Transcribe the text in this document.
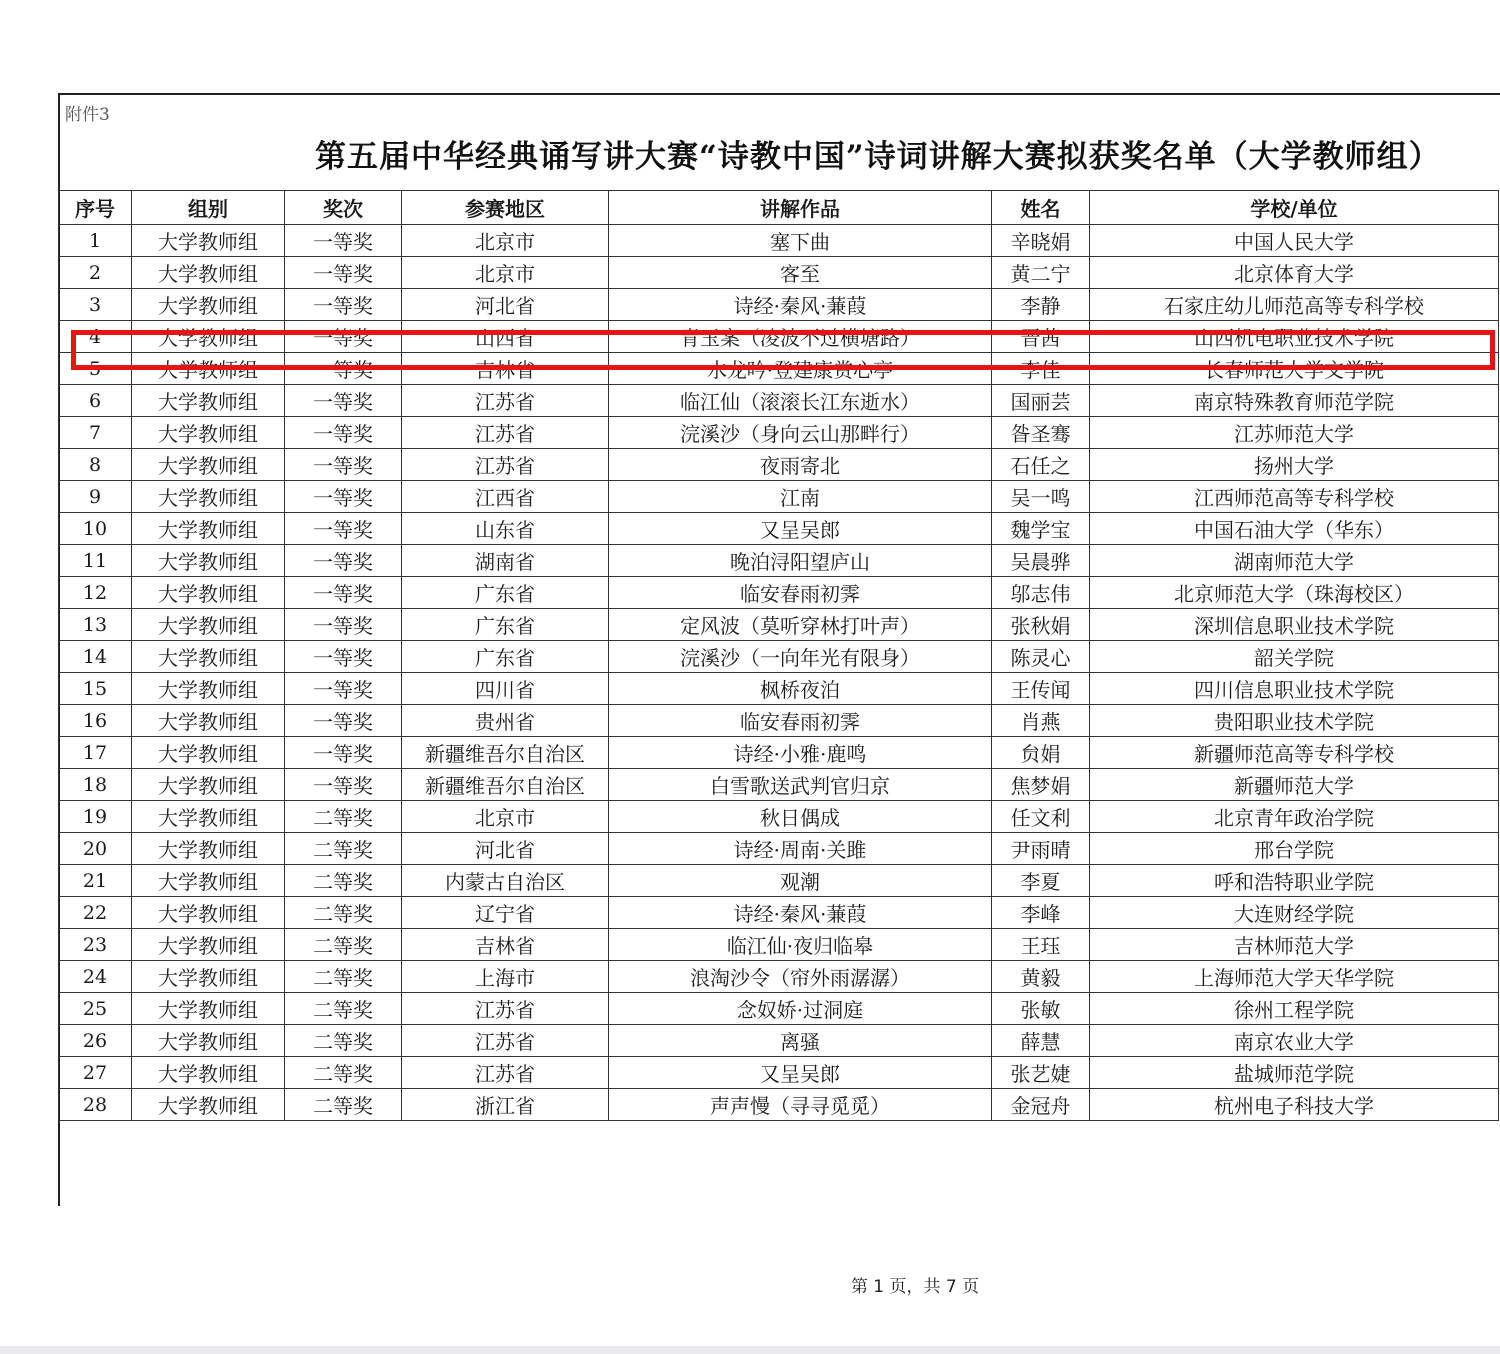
附件3
第五届中华经典诵写讲大赛“诗教中国”诗词讲解大赛拟获奖名单（大学教师组）
序号	组别	奖次	参赛地区	讲解作品	姓名	学校/单位
1	大学教师组	一等奖	北京市	塞下曲	辛晓娟	中国人民大学
2	大学教师组	一等奖	北京市	客至	黄二宁	北京体育大学
3	大学教师组	一等奖	河北省	诗经·秦风·蒹葭	李静	石家庄幼儿师范高等专科学校
4	大学教师组	一等奖	山西省	青玉案（凌波不过横塘路）	晋茜	山西机电职业技术学院
5	大学教师组	一等奖	吉林省	水龙吟·登建康赏心亭	李佳	长春师范大学文学院
6	大学教师组	一等奖	江苏省	临江仙（滚滚长江东逝水）	国丽芸	南京特殊教育师范学院
7	大学教师组	一等奖	江苏省	浣溪沙（身向云山那畔行）	昝圣骞	江苏师范大学
8	大学教师组	一等奖	江苏省	夜雨寄北	石任之	扬州大学
9	大学教师组	一等奖	江西省	江南	吴一鸣	江西师范高等专科学校
10	大学教师组	一等奖	山东省	又呈吴郎	魏学宝	中国石油大学（华东）
11	大学教师组	一等奖	湖南省	晚泊浔阳望庐山	吴晨骅	湖南师范大学
12	大学教师组	一等奖	广东省	临安春雨初霁	邬志伟	北京师范大学（珠海校区）
13	大学教师组	一等奖	广东省	定风波（莫听穿林打叶声）	张秋娟	深圳信息职业技术学院
14	大学教师组	一等奖	广东省	浣溪沙（一向年光有限身）	陈灵心	韶关学院
15	大学教师组	一等奖	四川省	枫桥夜泊	王传闻	四川信息职业技术学院
16	大学教师组	一等奖	贵州省	临安春雨初霁	肖燕	贵阳职业技术学院
17	大学教师组	一等奖	新疆维吾尔自治区	诗经·小雅·鹿鸣	贠娟	新疆师范高等专科学校
18	大学教师组	一等奖	新疆维吾尔自治区	白雪歌送武判官归京	焦梦娟	新疆师范大学
19	大学教师组	二等奖	北京市	秋日偶成	任文利	北京青年政治学院
20	大学教师组	二等奖	河北省	诗经·周南·关雎	尹雨晴	邢台学院
21	大学教师组	二等奖	内蒙古自治区	观潮	李夏	呼和浩特职业学院
22	大学教师组	二等奖	辽宁省	诗经·秦风·蒹葭	李峰	大连财经学院
23	大学教师组	二等奖	吉林省	临江仙·夜归临皋	王珏	吉林师范大学
24	大学教师组	二等奖	上海市	浪淘沙令（帘外雨潺潺）	黄毅	上海师范大学天华学院
25	大学教师组	二等奖	江苏省	念奴娇·过洞庭	张敏	徐州工程学院
26	大学教师组	二等奖	江苏省	离骚	薛慧	南京农业大学
27	大学教师组	二等奖	江苏省	又呈吴郎	张艺婕	盐城师范学院
28	大学教师组	二等奖	浙江省	声声慢（寻寻觅觅）	金冠舟	杭州电子科技大学
第 1 页，共 7 页
